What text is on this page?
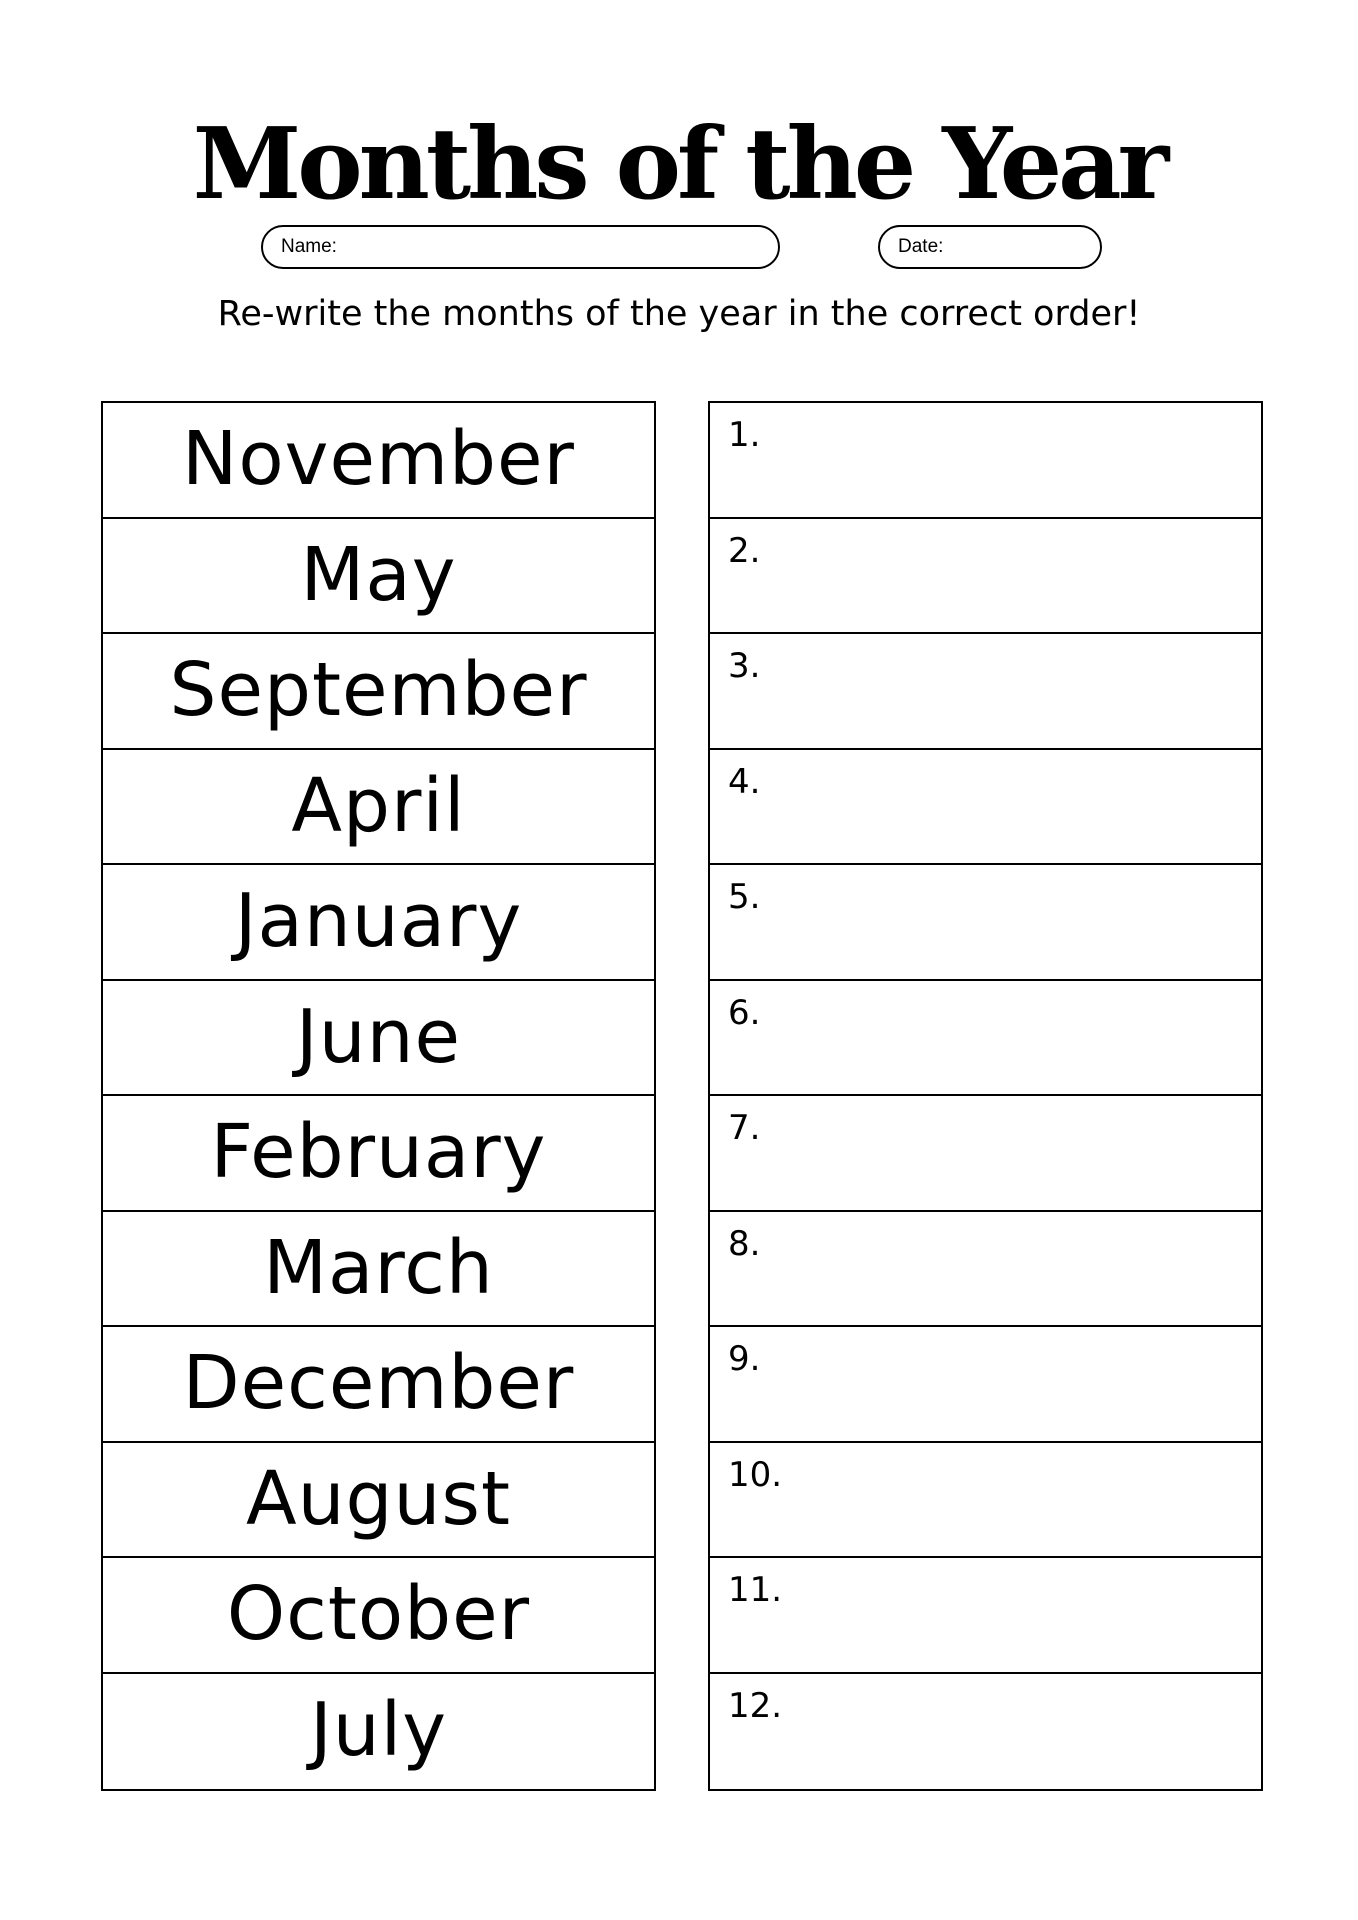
Months of the Year
Name:	Date:
Re-write the months of the year in the correct order!
November
May
September
April
January
June
February
March
December
August
October
July
1.
2.
3.
4.
5.
6.
7.
8.
9.
10.
11.
12.
